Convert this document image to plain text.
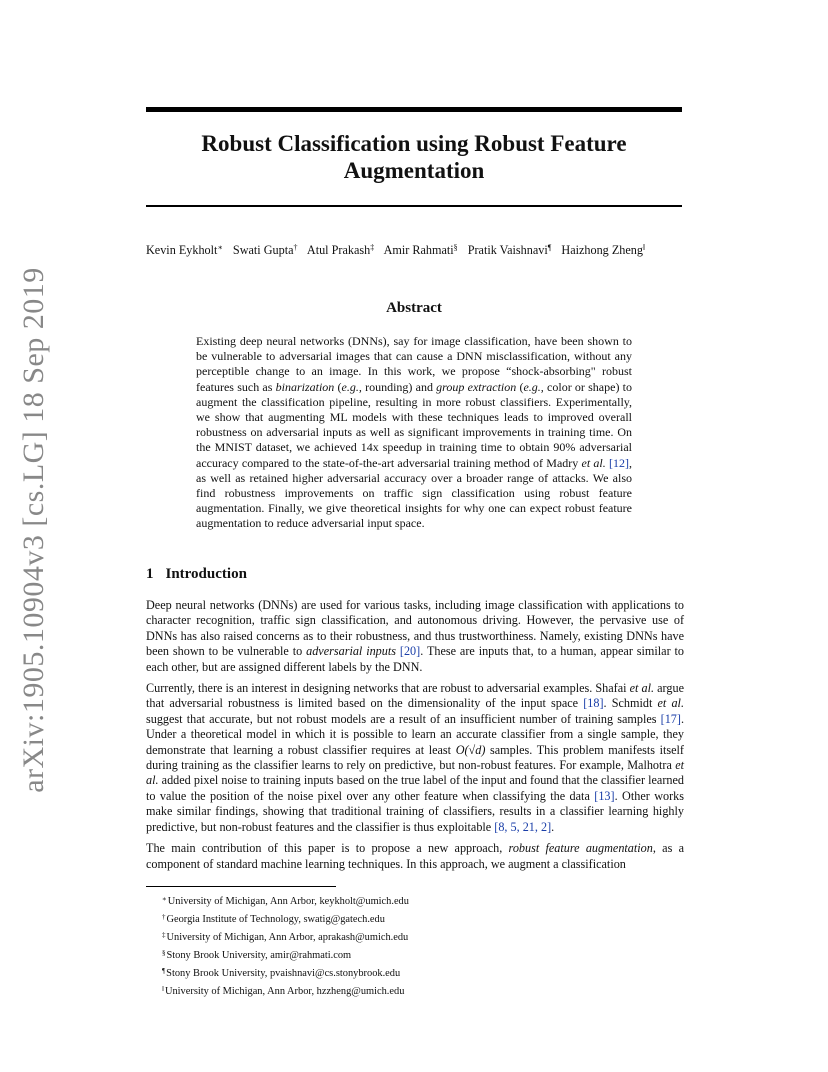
arXiv:1905.10904v3 [cs.LG] 18 Sep 2019
Robust Classification using Robust Feature
Augmentation
Kevin Eykholt∗ Swati Gupta† Atul Prakash‡ Amir Rahmati§ Pratik Vaishnavi¶ Haizhong Zheng‖
Abstract

Existing deep neural networks (DNNs), say for image classification, have been shown to be vulnerable to adversarial images that can cause a DNN misclassification, without any perceptible change to an image. In this work, we propose “shock-absorbing" robust features such as binarization (e.g., rounding) and group extraction (e.g., color or shape) to augment the classification pipeline, resulting in more robust classifiers. Experimentally, we show that augmenting ML models with these techniques leads to improved overall robustness on adversarial inputs as well as significant improvements in training time. On the MNIST dataset, we achieved 14x speedup in training time to obtain 90% adversarial accuracy compared to the state-of-the-art adversarial training method of Madry et al. [12], as well as retained higher adversarial accuracy over a broader range of attacks. We also find robustness improvements on traffic sign classification using robust feature augmentation. Finally, we give theoretical insights for why one can expect robust feature augmentation to reduce adversarial input space.

1 Introduction

Deep neural networks (DNNs) are used for various tasks, including image classification with applications to character recognition, traffic sign classification, and autonomous driving. However, the pervasive use of DNNs has also raised concerns as to their robustness, and thus trustworthiness. Namely, existing DNNs have been shown to be vulnerable to adversarial inputs [20]. These are inputs that, to a human, appear similar to each other, but are assigned different labels by the DNN.

Currently, there is an interest in designing networks that are robust to adversarial examples. Shafai et al. argue that adversarial robustness is limited based on the dimensionality of the input space [18]. Schmidt et al. suggest that accurate, but not robust models are a result of an insufficient number of training samples [17]. Under a theoretical model in which it is possible to learn an accurate classifier from a single sample, they demonstrate that learning a robust classifier requires at least O(√d) samples. This problem manifests itself during training as the classifier learns to rely on predictive, but non-robust features. For example, Malhotra et al. added pixel noise to training inputs based on the true label of the input and found that the classifier learned to value the position of the noise pixel over any other feature when classifying the data [13]. Other works make similar findings, showing that traditional training of classifiers, results in a classifier learning highly predictive, but non-robust features and the classifier is thus exploitable [8, 5, 21, 2].

The main contribution of this paper is to propose a new approach, robust feature augmentation, as a component of standard machine learning techniques. In this approach, we augment a classification

∗University of Michigan, Ann Arbor, keykholt@umich.edu
†Georgia Institute of Technology, swatig@gatech.edu
‡University of Michigan, Ann Arbor, aprakash@umich.edu
§Stony Brook University, amir@rahmati.com
¶Stony Brook University, pvaishnavi@cs.stonybrook.edu
‖University of Michigan, Ann Arbor, hzzheng@umich.edu
